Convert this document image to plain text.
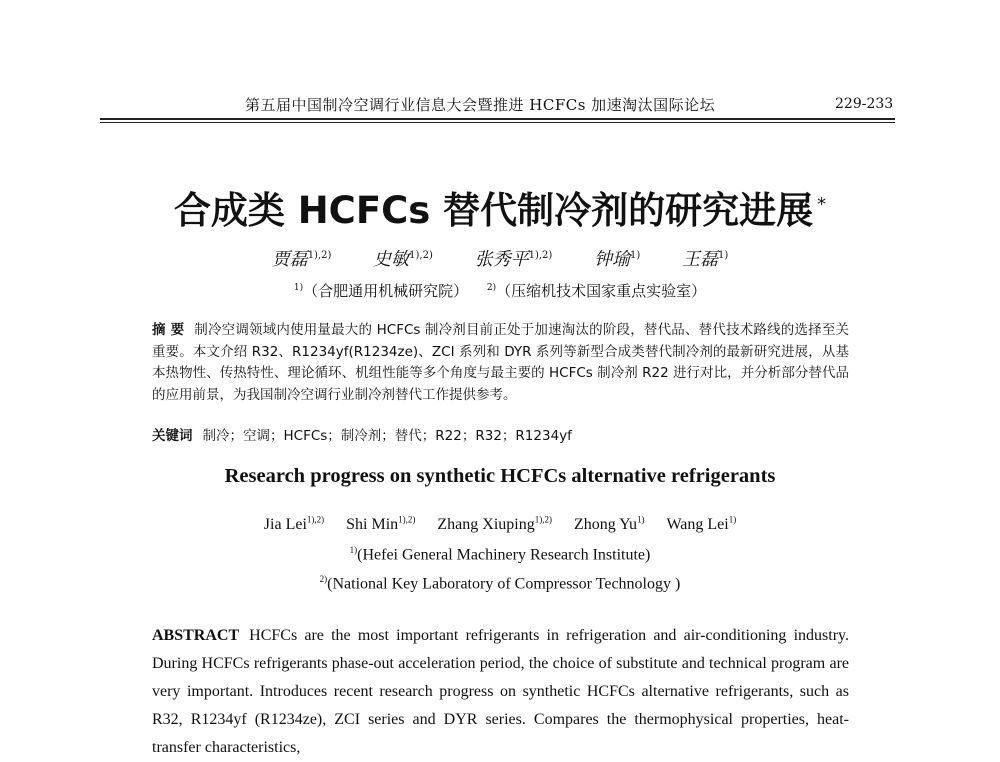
第五届中国制冷空调行业信息大会暨推进 HCFCs 加速淘汰国际论坛	229-233
合成类 HCFCs 替代制冷剂的研究进展 *
贾磊$^{1),2)}$ 史敏$^{1),2)}$ 张秀平$^{1),2)}$ 钟瑜$^{1)}$ 王磊$^{1)}$
$^{1)}$（合肥通用机械研究院） $^{2)}$（压缩机技术国家重点实验室）
摘 要 制冷空调领域内使用量最大的 HCFCs 制冷剂目前正处于加速淘汰的阶段，替代品、替代技术路线的选择至关重要。本文介绍 R32、R1234yf(R1234ze)、ZCI 系列和 DYR 系列等新型合成类替代制冷剂的最新研究进展，从基本热物性、传热特性、理论循环、机组性能等多个角度与最主要的 HCFCs 制冷剂 R22 进行对比，并分析部分替代品的应用前景，为我国制冷空调行业制冷剂替代工作提供参考。
关键词 制冷；空调；HCFCs；制冷剂；替代；R22；R32；R1234yf
Research progress on synthetic HCFCs alternative refrigerants
Jia Lei$^{1),2)}$ Shi Min$^{1),2)}$ Zhang Xiuping$^{1),2)}$ Zhong Yu$^{1)}$ Wang Lei$^{1)}$
$^{1)}$(Hefei General Machinery Research Institute)
$^{2)}$(National Key Laboratory of Compressor Technology )
ABSTRACT HCFCs are the most important refrigerants in refrigeration and air-conditioning industry. During HCFCs refrigerants phase-out acceleration period, the choice of substitute and technical program are very important. Introduces recent research progress on synthetic HCFCs alternative refrigerants, such as R32, R1234yf (R1234ze), ZCI series and DYR series. Compares the thermophysical properties, heat-transfer characteristics,
